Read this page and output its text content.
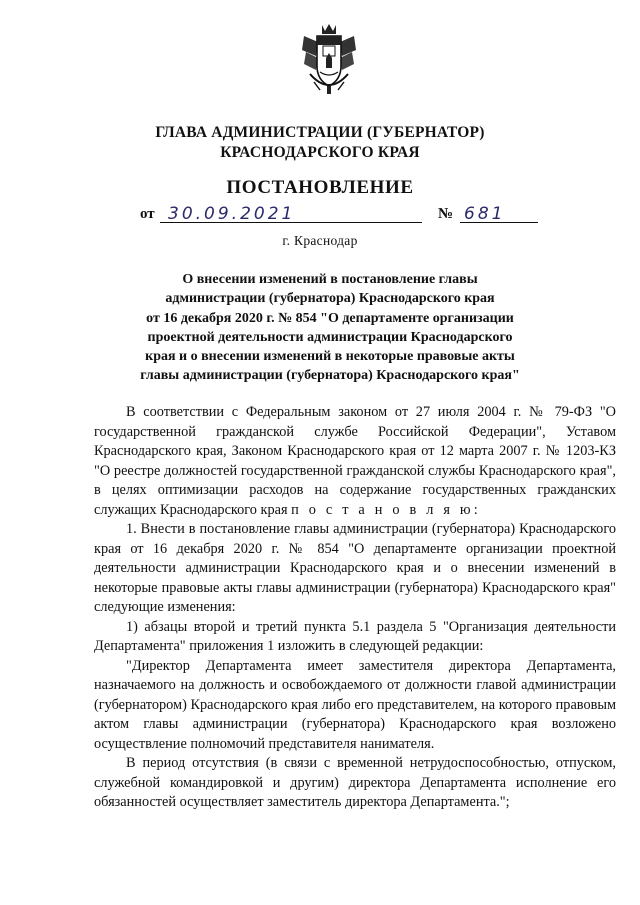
ГЛАВА АДМИНИСТРАЦИИ (ГУБЕРНАТОР)
КРАСНОДАРСКОГО КРАЯ
ПОСТАНОВЛЕНИЕ
от 30.09.2021	№ 681
г. Краснодар
О внесении изменений в постановление главы
администрации (губернатора) Краснодарского края
от 16 декабря 2020 г. № 854 "О департаменте организации
проектной деятельности администрации Краснодарского
края и о внесении изменений в некоторые правовые акты
главы администрации (губернатора) Краснодарского края"

В соответствии с Федеральным законом от 27 июля 2004 г. № 79-ФЗ "О государственной гражданской службе Российской Федерации", Уставом Краснодарского края, Законом Краснодарского края от 12 марта 2007 г. № 1203-КЗ "О реестре должностей государственной гражданской службы Краснодарского края", в целях оптимизации расходов на содержание государственных гражданских служащих Краснодарского края п о с т а н о в л я ю:

1. Внести в постановление главы администрации (губернатора) Краснодарского края от 16 декабря 2020 г. № 854 "О департаменте организации проектной деятельности администрации Краснодарского края и о внесении изменений в некоторые правовые акты главы администрации (губернатора) Краснодарского края" следующие изменения:

1) абзацы второй и третий пункта 5.1 раздела 5 "Организация деятельности Департамента" приложения 1 изложить в следующей редакции:

"Директор Департамента имеет заместителя директора Департамента, назначаемого на должность и освобождаемого от должности главой администрации (губернатором) Краснодарского края либо его представителем, на которого правовым актом главы администрации (губернатора) Краснодарского края возложено осуществление полномочий представителя нанимателя.

В период отсутствия (в связи с временной нетрудоспособностью, отпуском, служебной командировкой и другим) директора Департамента исполнение его обязанностей осуществляет заместитель директора Департамента.";
